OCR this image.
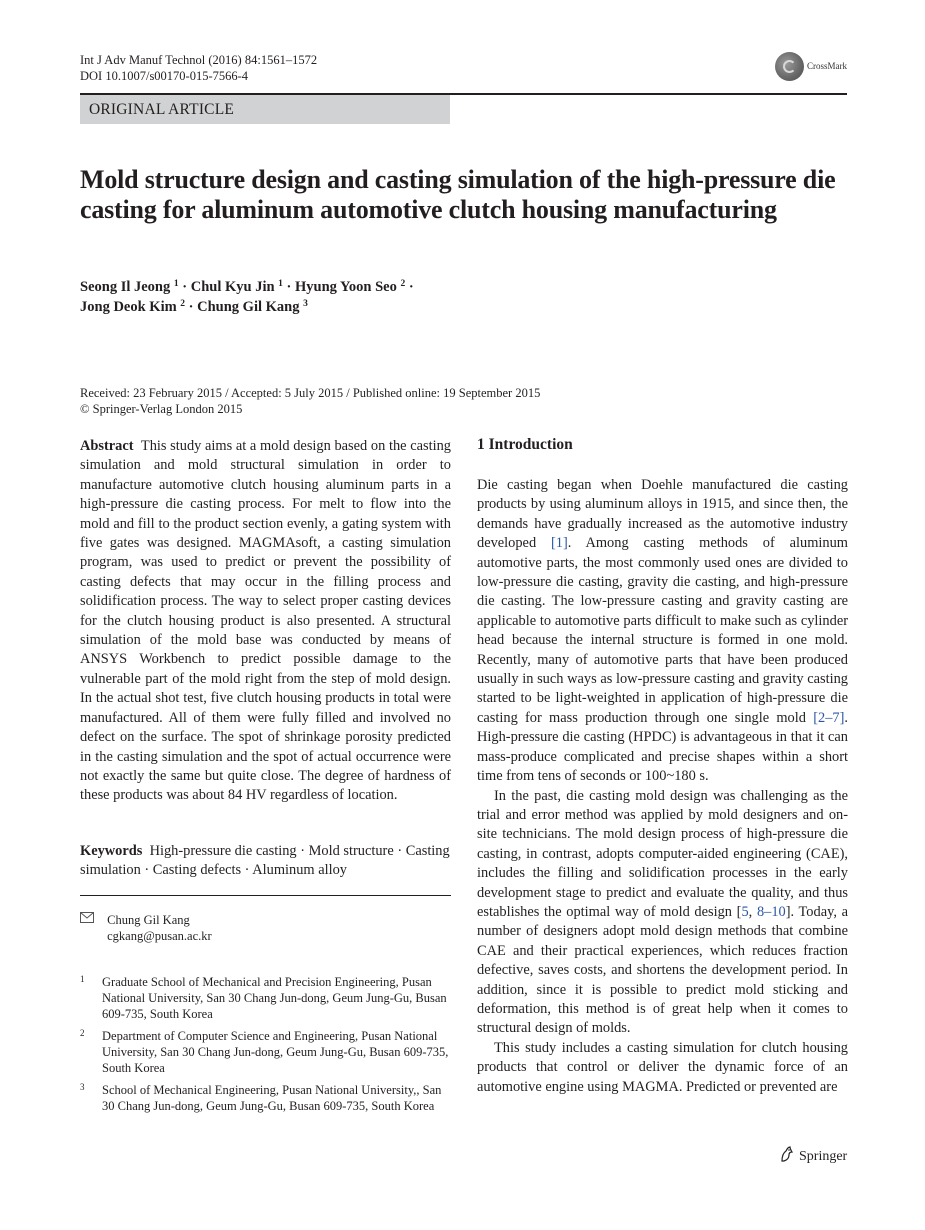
Int J Adv Manuf Technol (2016) 84:1561–1572
DOI 10.1007/s00170-015-7566-4
CrossMark
ORIGINAL ARTICLE
Mold structure design and casting simulation of the high-pressure die casting for aluminum automotive clutch housing manufacturing
Seong Il Jeong $^1$ · Chul Kyu Jin $^1$ · Hyung Yoon Seo $^2$ ·
Jong Deok Kim $^2$ · Chung Gil Kang $^3$
Received: 23 February 2015 / Accepted: 5 July 2015 / Published online: 19 September 2015
© Springer-Verlag London 2015

Abstract This study aims at a mold design based on the casting simulation and mold structural simulation in order to manufacture automotive clutch housing aluminum parts in a high-pressure die casting process. For melt to flow into the mold and fill to the product section evenly, a gating system with five gates was designed. MAGMAsoft, a casting simulation program, was used to predict or prevent the possibility of casting defects that may occur in the filling process and solidification process. The way to select proper casting devices for the clutch housing product is also presented. A structural simulation of the mold base was conducted by means of ANSYS Workbench to predict possible damage to the vulnerable part of the mold right from the step of mold design. In the actual shot test, five clutch housing products in total were manufactured. All of them were fully filled and involved no defect on the surface. The spot of shrinkage porosity predicted in the casting simulation and the spot of actual occurrence were not exactly the same but quite close. The degree of hardness of these products was about 84 HV regardless of location.

Keywords High-pressure die casting · Mold structure · Casting simulation · Casting defects · Aluminum alloy

Chung Gil Kang
cgkang@pusan.ac.kr
1 Graduate School of Mechanical and Precision Engineering, Pusan National University, San 30 Chang Jun-dong, Geum Jung-Gu, Busan 609-735, South Korea
2 Department of Computer Science and Engineering, Pusan National University, San 30 Chang Jun-dong, Geum Jung-Gu, Busan 609-735, South Korea
3 School of Mechanical Engineering, Pusan National University,, San 30 Chang Jun-dong, Geum Jung-Gu, Busan 609-735, South Korea
1 Introduction

Die casting began when Doehle manufactured die casting products by using aluminum alloys in 1915, and since then, the demands have gradually increased as the automotive industry developed [1]. Among casting methods of aluminum automotive parts, the most commonly used ones are divided to low-pressure die casting, gravity die casting, and high-pressure die casting. The low-pressure casting and gravity casting are applicable to automotive parts difficult to make such as cylinder head because the internal structure is formed in one mold. Recently, many of automotive parts that have been produced usually in such ways as low-pressure casting and gravity casting started to be light-weighted in application of high-pressure die casting for mass production through one single mold [2–7]. High-pressure die casting (HPDC) is advantageous in that it can mass-produce complicated and precise shapes within a short time from tens of seconds or 100~180 s.

In the past, die casting mold design was challenging as the trial and error method was applied by mold designers and on-site technicians. The mold design process of high-pressure die casting, in contrast, adopts computer-aided engineering (CAE), includes the filling and solidification processes in the early development stage to predict and evaluate the quality, and thus establishes the optimal way of mold design [5, 8–10]. Today, a number of designers adopt mold design methods that combine CAE and their practical experiences, which reduces fraction defective, saves costs, and shortens the development period. In addition, since it is possible to predict mold sticking and deformation, this method is of great help when it comes to structural design of molds.

This study includes a casting simulation for clutch housing products that control or deliver the dynamic force of an automotive engine using MAGMA. Predicted or prevented are

Springer
